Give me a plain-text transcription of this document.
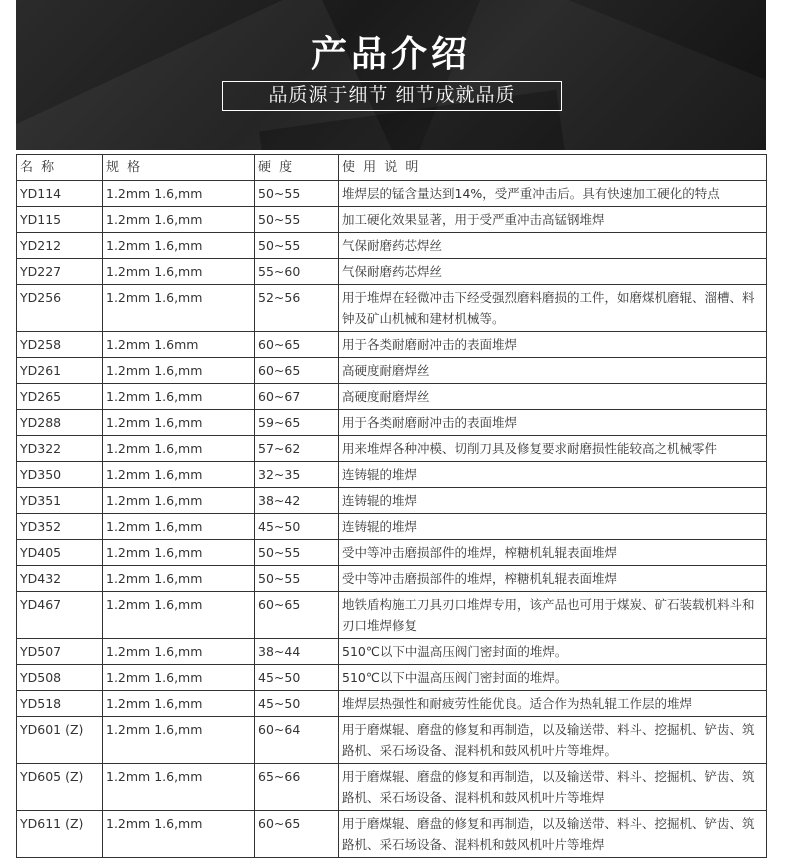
产品介绍
品质源于细节 细节成就品质
名 称	规 格	硬 度	使 用 说 明
YD114	1.2mm 1.6,mm	50~55	堆焊层的锰含量达到14%，受严重冲击后。具有快速加工硬化的特点
YD115	1.2mm 1.6,mm	50~55	加工硬化效果显著，用于受严重冲击高锰钢堆焊
YD212	1.2mm 1.6,mm	50~55	气保耐磨药芯焊丝
YD227	1.2mm 1.6,mm	55~60	气保耐磨药芯焊丝
YD256	1.2mm 1.6,mm	52~56	用于堆焊在轻微冲击下经受强烈磨料磨损的工件，如磨煤机磨辊、溜槽、料钟及矿山机械和建材机械等。
YD258	1.2mm 1.6mm	60~65	用于各类耐磨耐冲击的表面堆焊
YD261	1.2mm 1.6,mm	60~65	高硬度耐磨焊丝
YD265	1.2mm 1.6,mm	60~67	高硬度耐磨焊丝
YD288	1.2mm 1.6,mm	59~65	用于各类耐磨耐冲击的表面堆焊
YD322	1.2mm 1.6,mm	57~62	用来堆焊各种冲模、切削刀具及修复要求耐磨损性能较高之机械零件
YD350	1.2mm 1.6,mm	32~35	连铸辊的堆焊
YD351	1.2mm 1.6,mm	38~42	连铸辊的堆焊
YD352	1.2mm 1.6,mm	45~50	连铸辊的堆焊
YD405	1.2mm 1.6,mm	50~55	受中等冲击磨损部件的堆焊，榨糖机轧辊表面堆焊
YD432	1.2mm 1.6,mm	50~55	受中等冲击磨损部件的堆焊，榨糖机轧辊表面堆焊
YD467	1.2mm 1.6,mm	60~65	地铁盾构施工刀具刃口堆焊专用，该产品也可用于煤炭、矿石装载机料斗和刃口堆焊修复
YD507	1.2mm 1.6,mm	38~44	510℃以下中温高压阀门密封面的堆焊。
YD508	1.2mm 1.6,mm	45~50	510℃以下中温高压阀门密封面的堆焊。
YD518	1.2mm 1.6,mm	45~50	堆焊层热强性和耐疲劳性能优良。适合作为热轧辊工作层的堆焊
YD601 (Z)	1.2mm 1.6,mm	60~64	用于磨煤辊、磨盘的修复和再制造，以及输送带、料斗、挖掘机、铲齿、筑路机、采石场设备、混料机和鼓风机叶片等堆焊。
YD605 (Z)	1.2mm 1.6,mm	65~66	用于磨煤辊、磨盘的修复和再制造，以及输送带、料斗、挖掘机、铲齿、筑路机、采石场设备、混料机和鼓风机叶片等堆焊
YD611 (Z)	1.2mm 1.6,mm	60~65	用于磨煤辊、磨盘的修复和再制造，以及输送带、料斗、挖掘机、铲齿、筑路机、采石场设备、混料机和鼓风机叶片等堆焊
